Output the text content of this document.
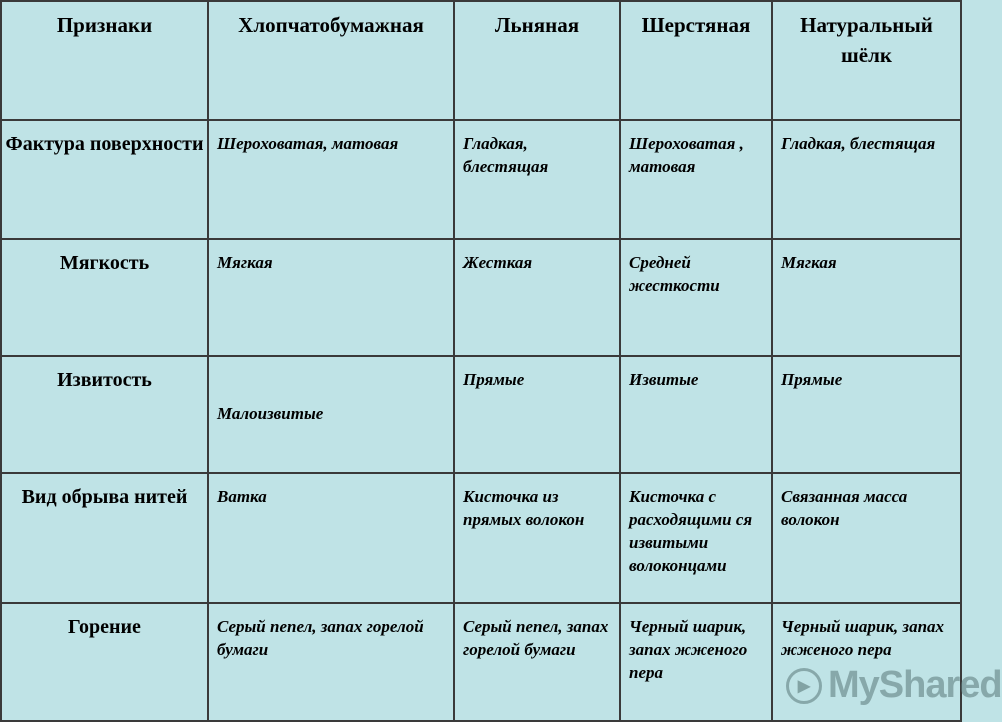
Признаки	Хлопчатобумажная	Льняная	Шерстяная	Натуральный шёлк
Фактура поверхности	Шероховатая, матовая	Гладкая, блестящая	Шероховатая , матовая	Гладкая, блестящая
Мягкость	Мягкая	Жесткая	Средней жесткости	Мягкая
Извитость	Малоизвитые	Прямые	Извитые	Прямые
Вид обрыва нитей	Ватка	Кисточка из прямых волокон	Кисточка с расходящими ся извитыми волоконцами	Связанная масса волокон
Горение	Серый пепел, запах горелой бумаги	Серый пепел, запах горелой бумаги	Черный шарик, запах жженого пера	Черный шарик, запах жженого пера
▶ MyShared
